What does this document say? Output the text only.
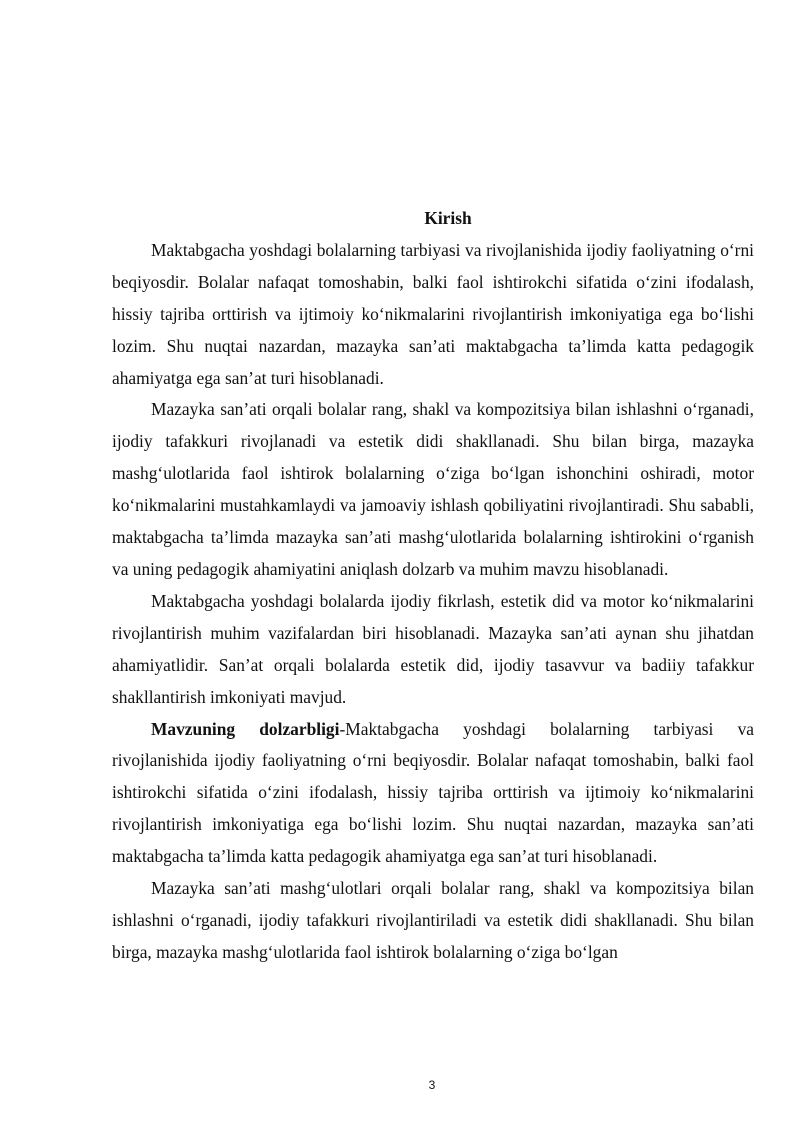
Kirish

Maktabgacha yoshdagi bolalarning tarbiyasi va rivojlanishida ijodiy faoliyatning o‘rni beqiyosdir. Bolalar nafaqat tomoshabin, balki faol ishtirokchi sifatida o‘zini ifodalash, hissiy tajriba orttirish va ijtimoiy ko‘nikmalarini rivojlantirish imkoniyatiga ega bo‘lishi lozim. Shu nuqtai nazardan, mazayka san’ati maktabgacha ta’limda katta pedagogik ahamiyatga ega san’at turi hisoblanadi.

Mazayka san’ati orqali bolalar rang, shakl va kompozitsiya bilan ishlashni o‘rganadi, ijodiy tafakkuri rivojlanadi va estetik didi shakllanadi. Shu bilan birga, mazayka mashg‘ulotlarida faol ishtirok bolalarning o‘ziga bo‘lgan ishonchini oshiradi, motor ko‘nikmalarini mustahkamlaydi va jamoaviy ishlash qobiliyatini rivojlantiradi. Shu sababli, maktabgacha ta’limda mazayka san’ati mashg‘ulotlarida bolalarning ishtirokini o‘rganish va uning pedagogik ahamiyatini aniqlash dolzarb va muhim mavzu hisoblanadi.

Maktabgacha yoshdagi bolalarda ijodiy fikrlash, estetik did va motor ko‘nikmalarini rivojlantirish muhim vazifalardan biri hisoblanadi. Mazayka san’ati aynan shu jihatdan ahamiyatlidir. San’at orqali bolalarda estetik did, ijodiy tasavvur va badiiy tafakkur shakllantirish imkoniyati mavjud.

Mavzuning dolzarbligi-Maktabgacha yoshdagi bolalarning tarbiyasi va rivojlanishida ijodiy faoliyatning o‘rni beqiyosdir. Bolalar nafaqat tomoshabin, balki faol ishtirokchi sifatida o‘zini ifodalash, hissiy tajriba orttirish va ijtimoiy ko‘nikmalarini rivojlantirish imkoniyatiga ega bo‘lishi lozim. Shu nuqtai nazardan, mazayka san’ati maktabgacha ta’limda katta pedagogik ahamiyatga ega san’at turi hisoblanadi.

Mazayka san’ati mashg‘ulotlari orqali bolalar rang, shakl va kompozitsiya bilan ishlashni o‘rganadi, ijodiy tafakkuri rivojlantiriladi va estetik didi shakllanadi. Shu bilan birga, mazayka mashg‘ulotlarida faol ishtirok bolalarning o‘ziga bo‘lgan

3
